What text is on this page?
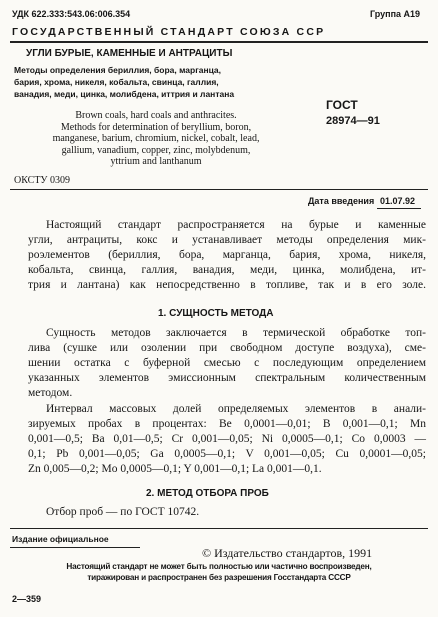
УДК 622.333:543.06:006.354	Группа А19
ГОСУДАРСТВЕННЫЙ СТАНДАРТ СОЮЗА ССР
УГЛИ БУРЫЕ, КАМЕННЫЕ И АНТРАЦИТЫ
Методы определения бериллия, бора, марганца,
бария, хрома, никеля, кобальта, свинца, галлия,
ванадия, меди, цинка, молибдена, иттрия и лантана
Brown coals, hard coals and anthracites.
Methods for determination of beryllium, boron,
manganese, barium, chromium, nickel, cobalt, lead,
gallium, vanadium, copper, zinc, molybdenum,
yttrium and lanthanum
ГОСТ
28974—91
ОКСТУ 0309
Дата введения 01.07.92
Настоящий стандарт распространяется на бурые и каменные
угли, антрациты, кокс и устанавливает методы определения мик-
роэлементов (бериллия, бора, марганца, бария, хрома, никеля,
кобальта, свинца, галлия, ванадия, меди, цинка, молибдена, ит-
трия и лантана) как непосредственно в топливе, так и в его золе.
1. СУЩНОСТЬ МЕТОДА
Сущность методов заключается в термической обработке топ-
лива (сушке или озолении при свободном доступе воздуха), сме-
шении остатка с буферной смесью с последующим определением
указанных элементов эмиссионным спектральным количественным
методом.
Интервал массовых долей определяемых элементов в анали-
зируемых пробах в процентах: Be 0,0001—0,01; B 0,001—0,1; Mn
0,001—0,5; Ba 0,01—0,5; Cr 0,001—0,05; Ni 0,0005—0,1; Co 0,0003 —
0,1; Pb 0,001—0,05; Ga 0,0005—0,1; V 0,001—0,05; Cu 0,0001—0,05;
Zn 0,005—0,2; Mo 0,0005—0,1; Y 0,001—0,1; La 0,001—0,1.
2. МЕТОД ОТБОРА ПРОБ
Отбор проб — по ГОСТ 10742.
Издание официальное
© Издательство стандартов, 1991
Настоящий стандарт не может быть полностью или частично воспроизведен,
тиражирован и распространен без разрешения Госстандарта СССР
2—359
